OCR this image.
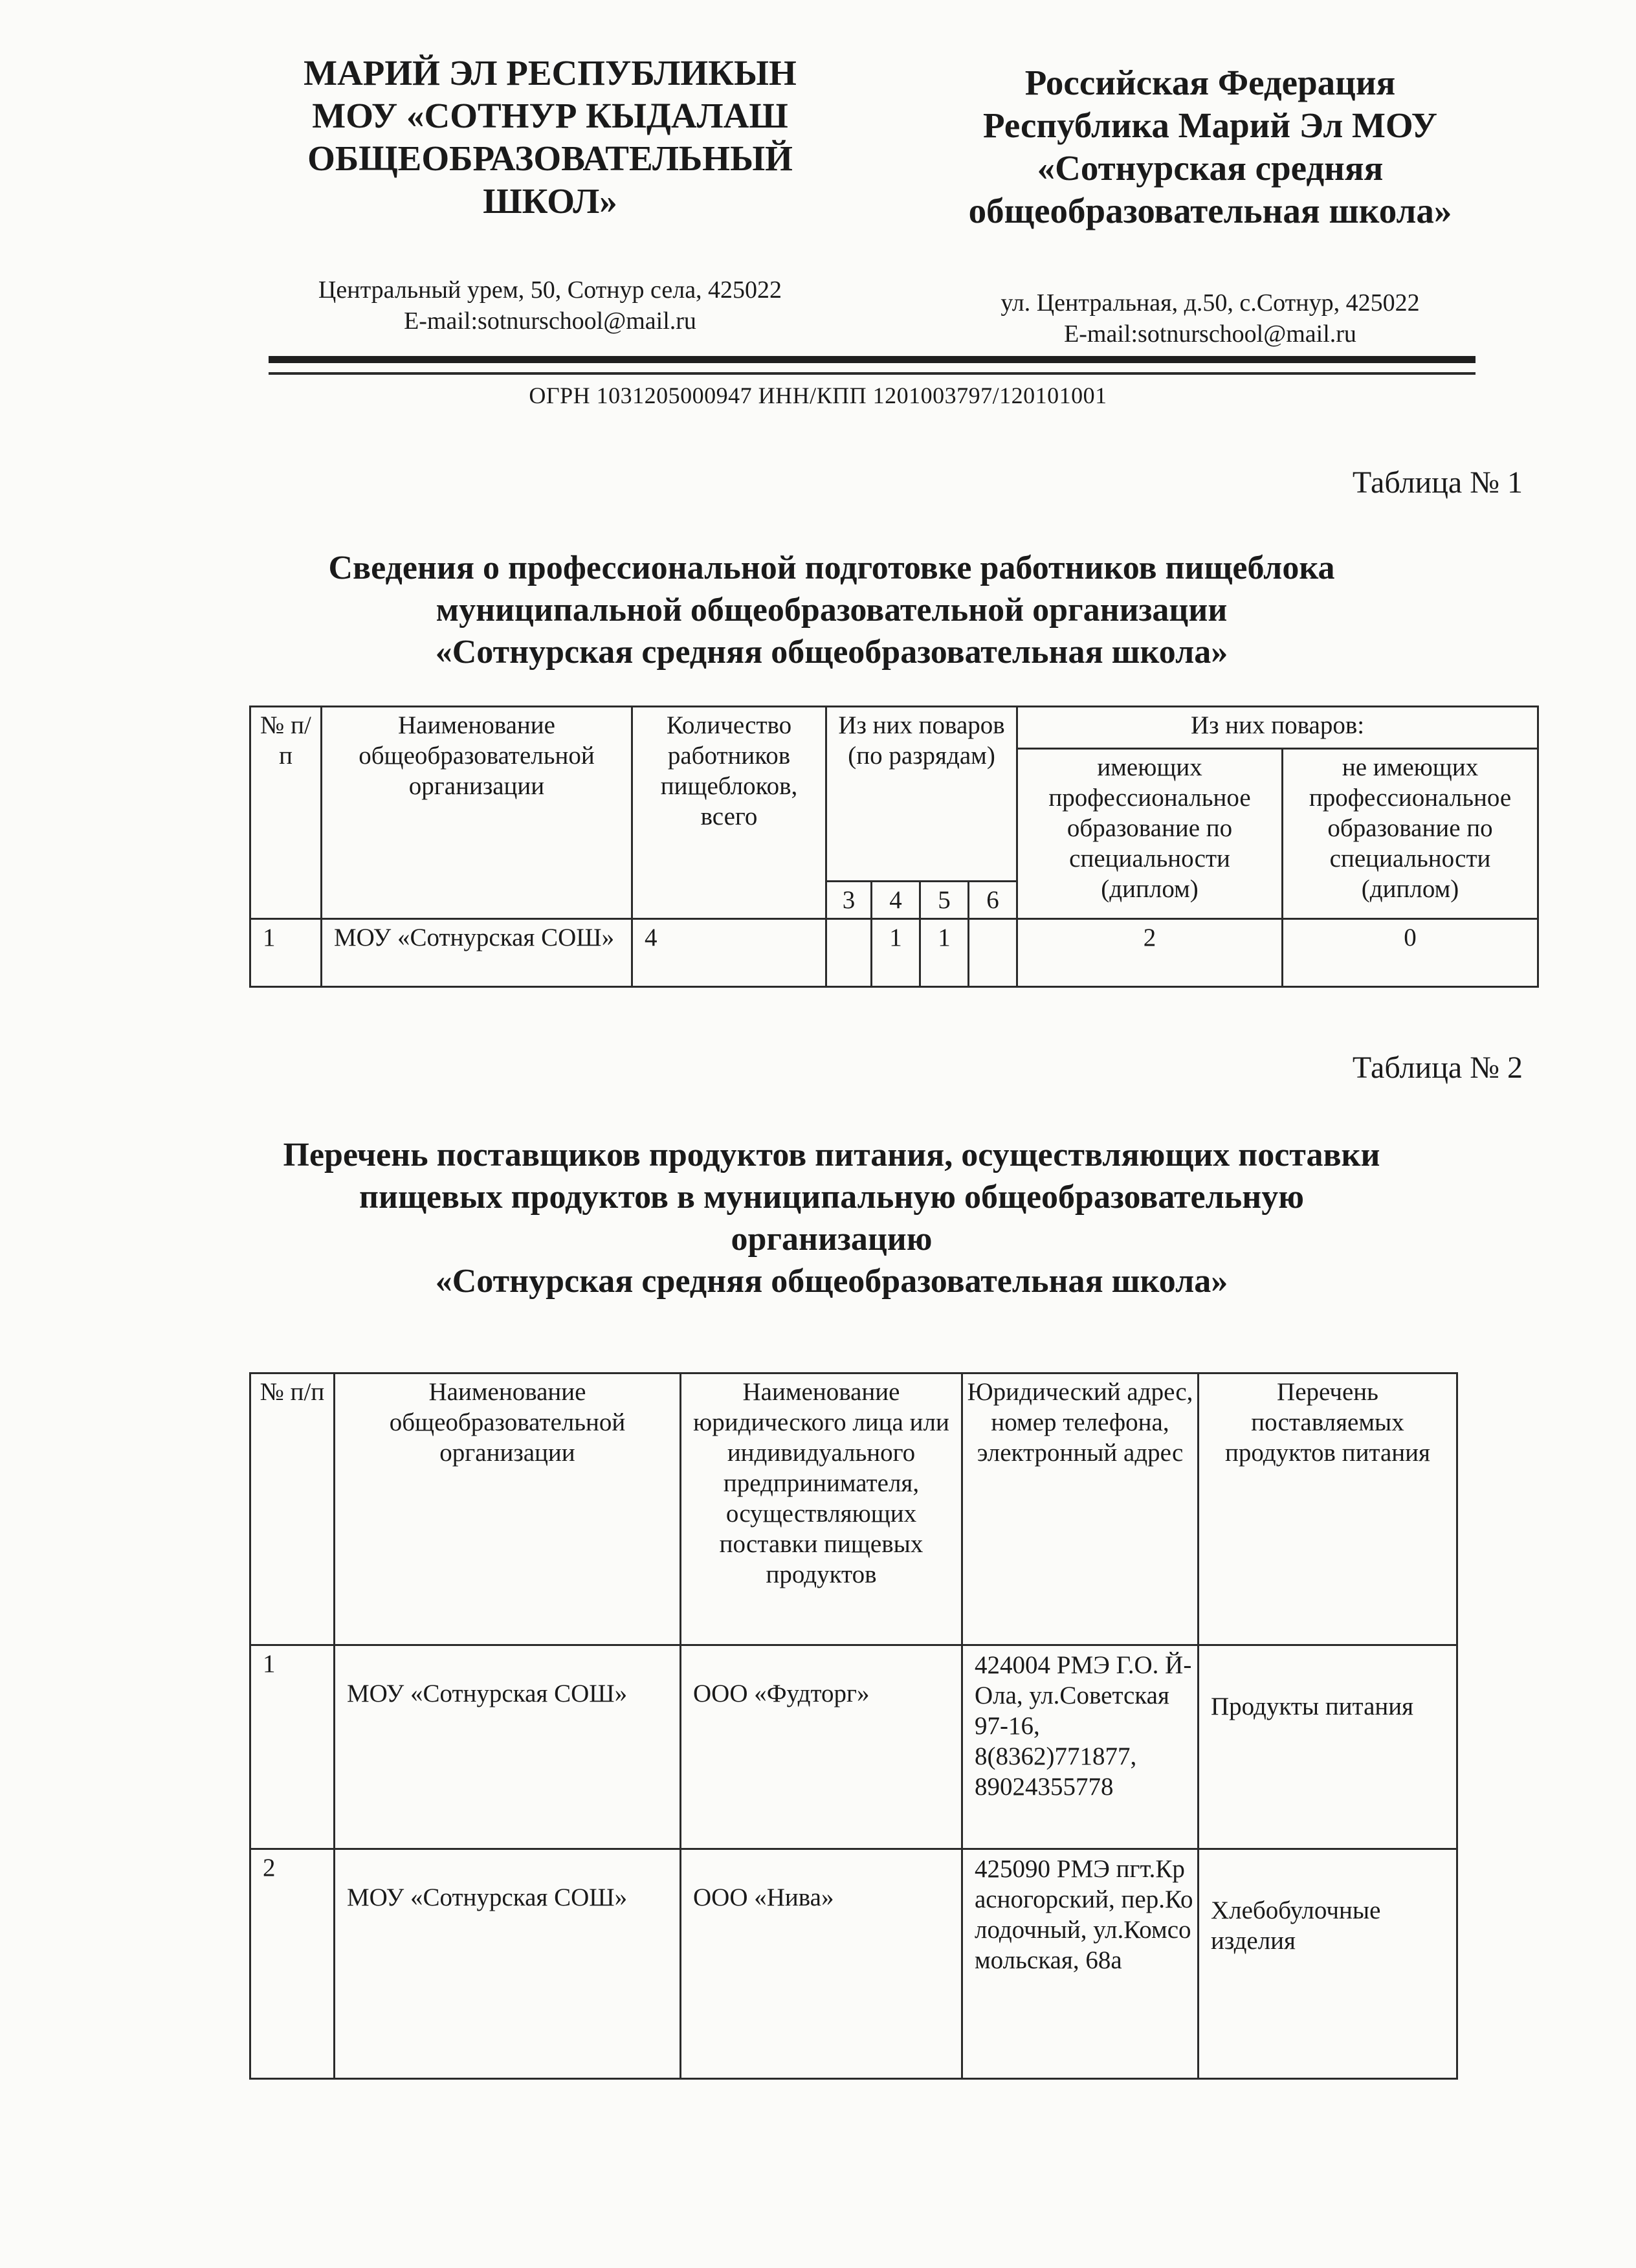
МАРИЙ ЭЛ РЕСПУБЛИКЫН
МОУ «СОТНУР КЫДАЛАШ
ОБЩЕОБРАЗОВАТЕЛЬНЫЙ
ШКОЛ»
Центральный урем, 50, Сотнур села, 425022
E-mail:sotnurschool@mail.ru
Российская Федерация
Республика Марий Эл МОУ
«Сотнурская средняя
общеобразовательная школа»
ул. Центральная, д.50, с.Сотнур, 425022
E-mail:sotnurschool@mail.ru
ОГРН 1031205000947 ИНН/КПП 1201003797/120101001
Таблица № 1
Сведения о профессиональной подготовке работников пищеблока
муниципальной общеобразовательной организации
«Сотнурская средняя общеобразовательная школа»
№ п/п	Наименование общеобразовательной организации	Количество работников пищеблоков, всего	Из них поваров (по разрядам)				Из них поваров:	
							имеющих профессиональное образование по специальности (диплом)	не имеющих профессиональное образование по специальности (диплом)
			3	4	5	6		
1	МОУ «Сотнурская СОШ»	4		1	1		2	0
Таблица № 2
Перечень поставщиков продуктов питания, осуществляющих поставки
пищевых продуктов в муниципальную общеобразовательную
организацию
«Сотнурская средняя общеобразовательная школа»
№ п/п	Наименование общеобразовательной организации	Наименование юридического лица или индивидуального предпринимателя, осуществляющих поставки пищевых продуктов	Юридический адрес, номер телефона, электронный адрес	Перечень поставляемых продуктов питания
1	МОУ «Сотнурская СОШ»	ООО «Фудторг»	424004 РМЭ Г.О. Й-Ола, ул.Советская 97-16, 8(8362)771877, 89024355778	Продукты питания
2	МОУ «Сотнурская СОШ»	ООО «Нива»	425090 РМЭ пгт.Красногорский, пер.Колодочный, ул.Комсомольская, 68а	Хлебобулочные изделия
